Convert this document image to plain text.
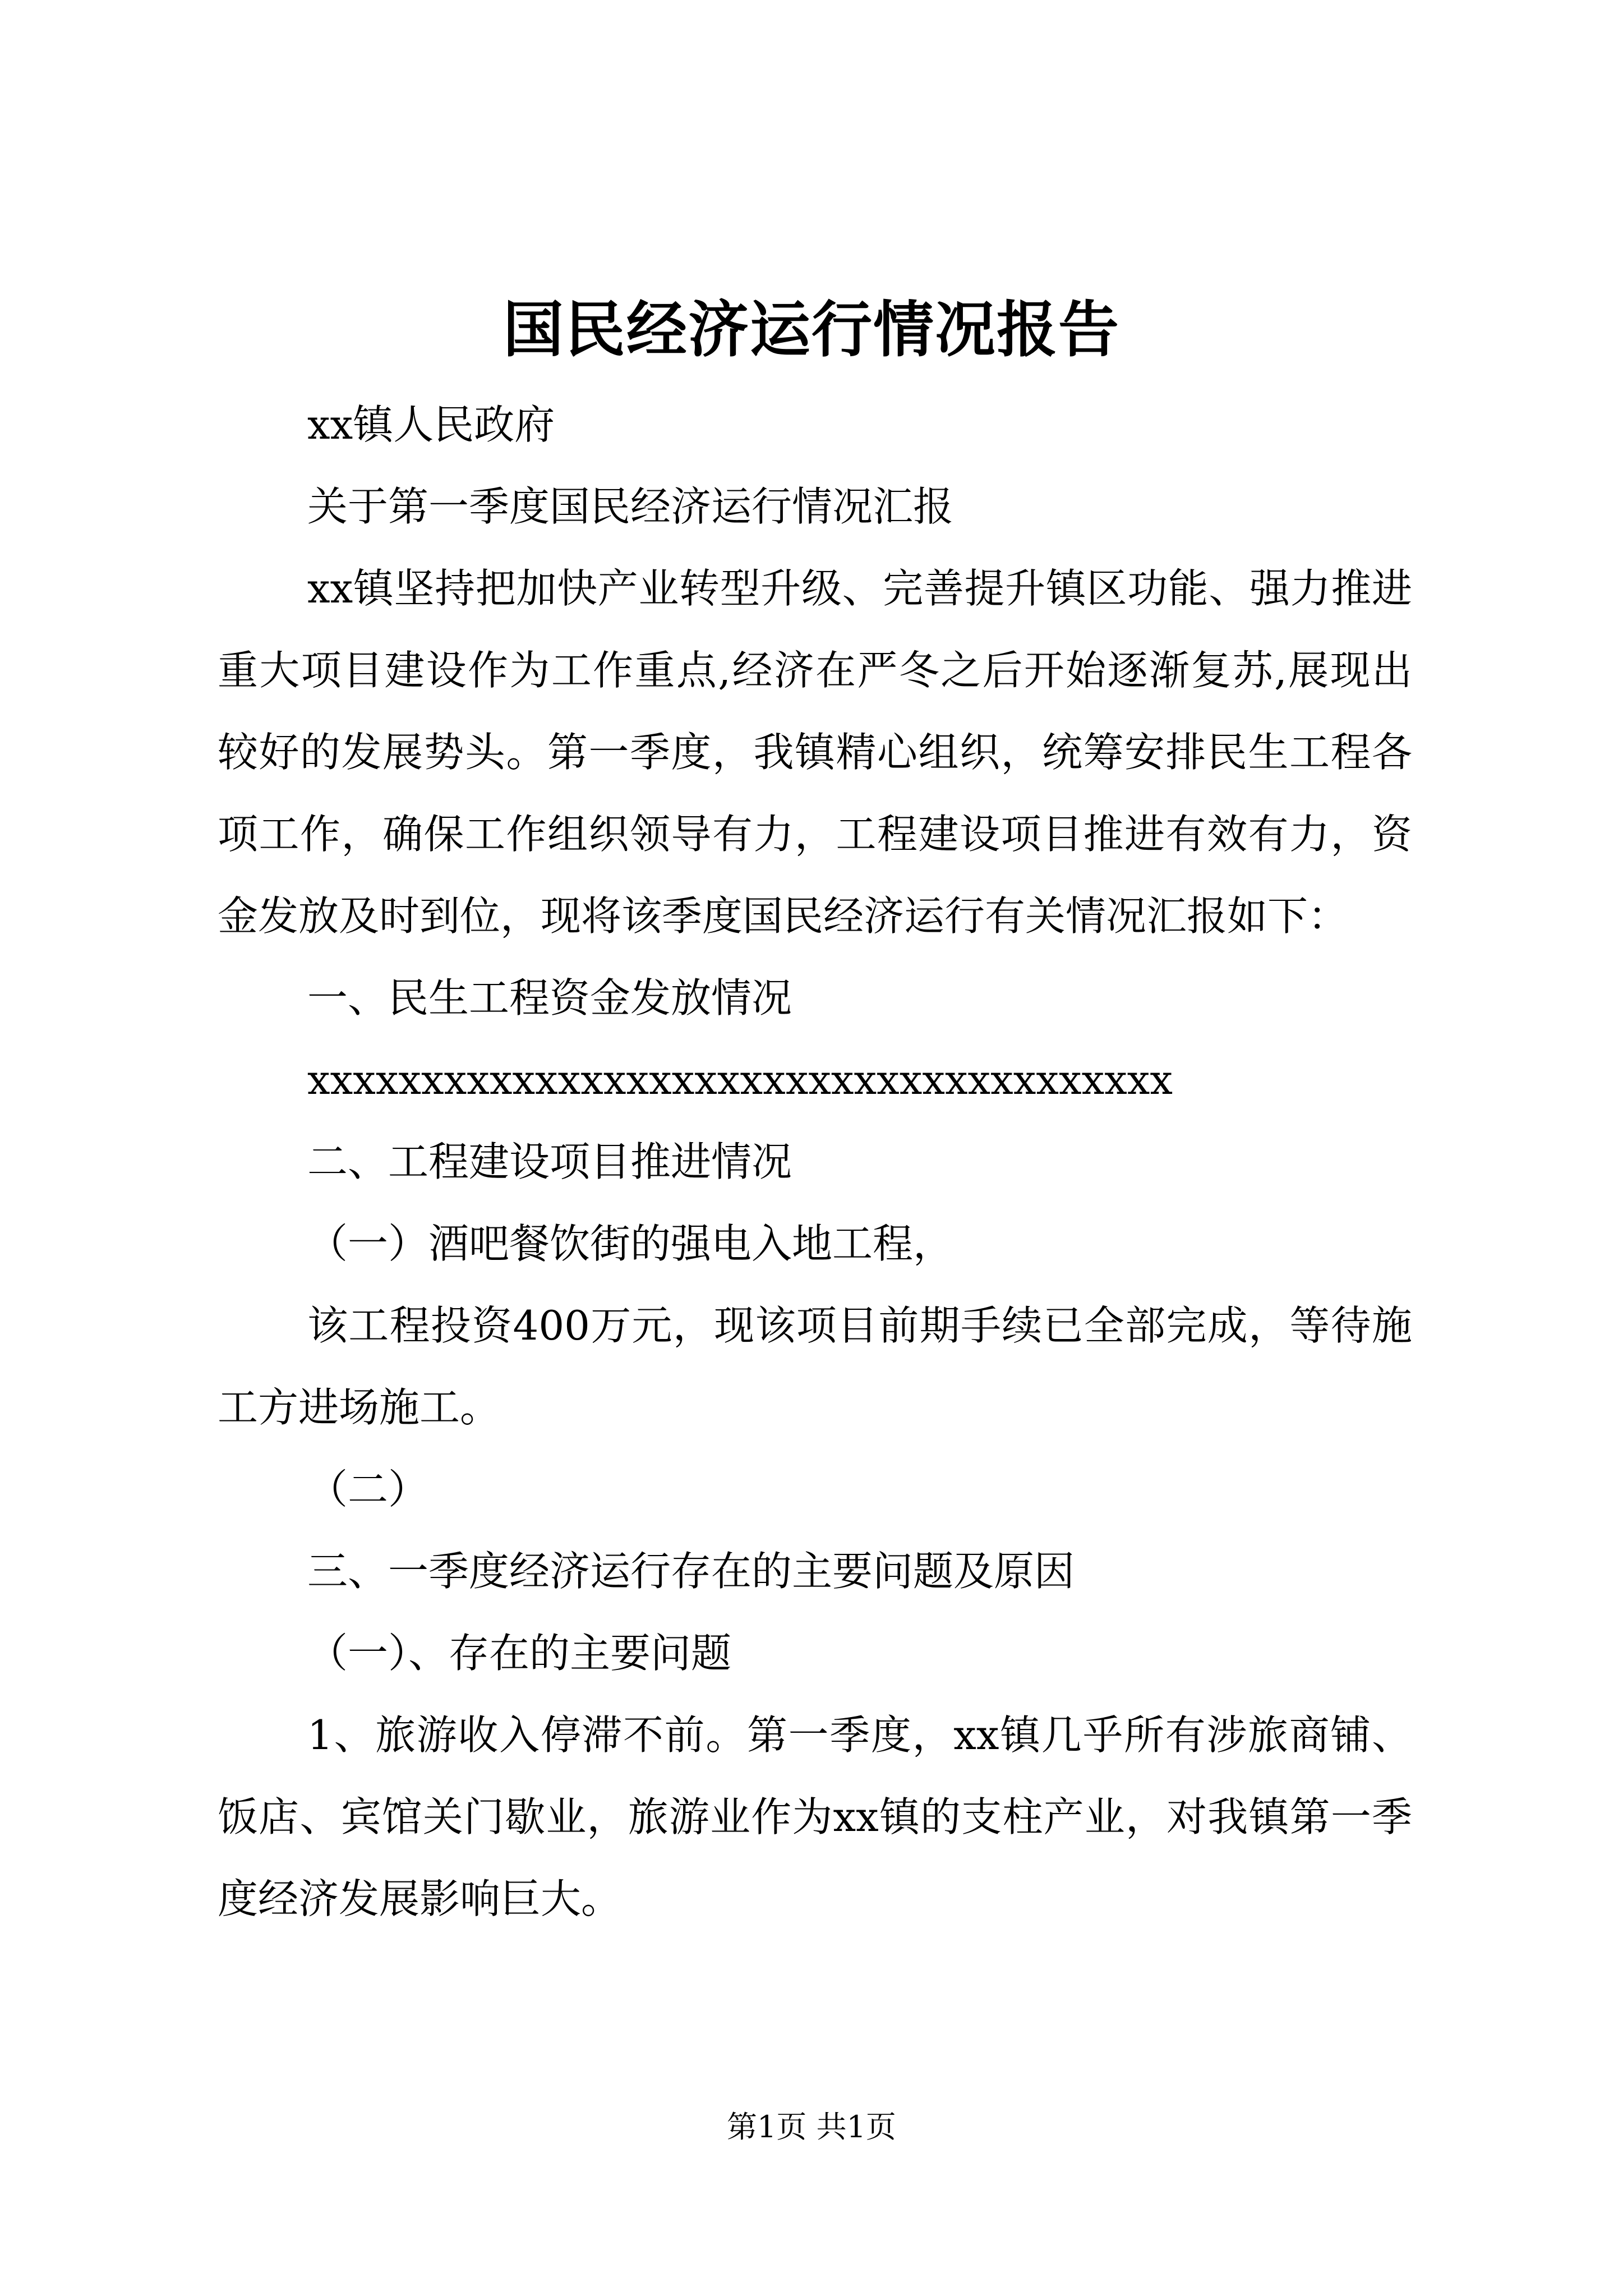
国民经济运行情况报告

xx镇人民政府

关于第一季度国民经济运行情况汇报

xx镇坚持把加快产业转型升级、完善提升镇区功能、强力推进重大项目建设作为工作重点,经济在严冬之后开始逐渐复苏,展现出较好的发展势头。第一季度，我镇精心组织，统筹安排民生工程各项工作，确保工作组织领导有力，工程建设项目推进有效有力，资金发放及时到位，现将该季度国民经济运行有关情况汇报如下：

一、民生工程资金发放情况

xxxxxxxxxxxxxxxxxxxxxxxxxxxxxxxxxxxxxx

二、工程建设项目推进情况

（一）酒吧餐饮街的强电入地工程，

该工程投资400万元，现该项目前期手续已全部完成，等待施工方进场施工。

（二）

三、一季度经济运行存在的主要问题及原因

（一）、存在的主要问题

1、旅游收入停滞不前。第一季度，xx镇几乎所有涉旅商铺、饭店、宾馆关门歇业，旅游业作为xx镇的支柱产业，对我镇第一季度经济发展影响巨大。

第1页 共1页
